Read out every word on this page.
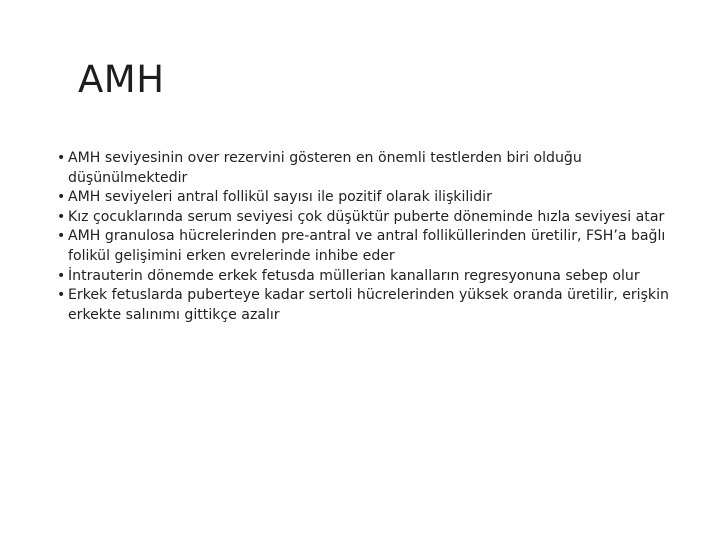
AMH
• AMH seviyesinin over rezervini gösteren en önemli testlerden biri olduğu düşünülmektedir
• AMH seviyeleri antral follikül sayısı ile pozitif olarak ilişkilidir
• Kız çocuklarında serum seviyesi çok düşüktür puberte döneminde hızla seviyesi atar
• AMH granulosa hücrelerinden pre-antral ve antral folliküllerinden üretilir, FSH’a bağlı folikül gelişimini erken evrelerinde inhibe eder
• İntrauterin dönemde erkek fetusda müllerian kanalların regresyonuna sebep olur
• Erkek fetuslarda puberteye kadar sertoli hücrelerinden yüksek oranda üretilir, erişkin erkekte salınımı gittikçe azalır
